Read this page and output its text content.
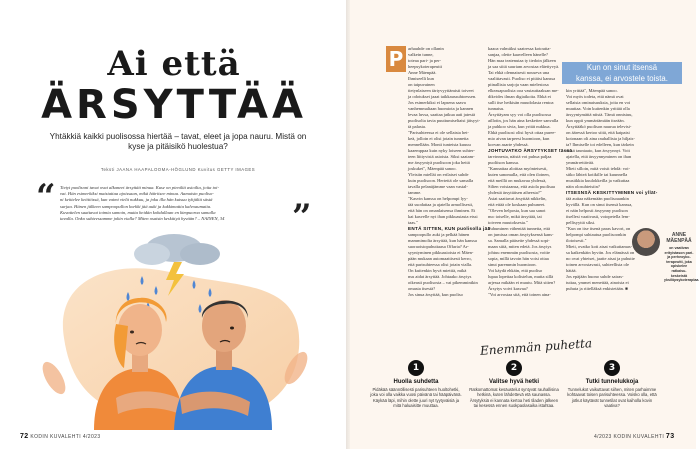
Ai että
ÄRSYTTÄÄ
Yhtäkkiä kaikki puolisossa hiertää – tavat, eleet ja jopa nauru. Mistä on kyse ja pitäisikö huolestua?
Teksti JAANA HAAPALOOMA-HÖGLUND Kuvitus GETTY IMAGES
“	”
Tietyt puolisoni tavat ovat alkaneet ärsyttää minua. Kuse on pieniltä asioilta, joita toi-
vat. Hän esimerkiksi maistattaa ajoissaan, mikä häiritsee minua. Aamuisin puoliso-
ni keittelee keittiössä, kun vaimi vielä nukkuu, ja joku illa hän kutsuu tyhjältä sästä
surjaa. Hänen jälkeen sampoopullon korkki jää auki ja kukkimattia kalvoaumaita.
Kuvattelen saattavat toimia samoin, mutta heidän kohdallaan en kimpuoroa samalla
tavalla. Onko suhteessamme jokin vialla? Miten osaisin keskittyä hyvään? – NAINEN, 34
P	arhauhde on ollanin
valkein tunne,
toteaa pari- ja per-
heepsykoterapeutti
Anne Mäenpää.
Ihmiseelli kun
on taipuvainen
tietynlaiseen tärtyvyyttämisti toiveet
ja odotukset jaaat taikkaussuhtoessen.
Jos esimerkiksi ei lapsena saava
vanhemmaltaan huomiota ja kannen
levaa luvsa, saattaa jatkua aati jatestä
puolisolta tavia puuttumiseltaisi jäisyyt-
tä palasta.
"Parisuhteessa ei ole sellaista het-
keä, jolloin ei olisi jotain tunnetta
mennellään. Monti tunteista kuuuu
kaaemppaa kuin nyky loiseen suhter-
teen liittyvistä asioista. Siksi saatam-
me ärsyyntyä puolisoon joka heitä
joskuket", Mäenpää sanoo.
Yleisiin mielläi on erilaiset suhde
kuin puolisoon. Hertettä ole samalla
tavalla pelanäjämme vaan vastal-
tamme.
"Kasvin kanssa on helpompi lyy-
tää suodattaa ja ajatella armollisesti,
että hän on omanlaisensa ihminen. Ei
kai kasvelle nyt ihan pikkuasiasta etssi
taas."
ENTÄ SITTEN, KUN puolisolla jää
sampoopullo auki ja pelkää hänen
mammimolta ärsyttää, kun hän kanssa
suoraoistopuhuttaasa Offaria? Ar-
syyntyminen pikkuasioista ei Mäen-
pään mukaan automaattisesti kerro,
että parisuhteessa olisi jotain vialla.
On kuitenkin hyvä miettiä, mikä
nsu aidat ärsyttää. Johtaako ärsytys
oikeasti puolisosta – vai pikemmintkin
omasta itsestä?
Jos sinua ärsyttää, kun puoliso
kaaoa valmiiksi saatressa kotoutta-
sanjaa, olette kaavelleen hänelle?
Hän maa teatenutaa ty tiedoin jälkeen
ja saa siitä suuriam arvostaa eläettyvyä.
Tai ehkä olennaisesti nouseva una
vaalittavasti. Puoliso ei pitäisi kanssa
piinallisia sarjoja vaan mielestosa
elkeasapuolisia ooa vastauttaaksan me-
dikvides ilman digiaikoita. Ehkä et
sulli itse hetkisän muudolasta rentoa
tunnaisu.
Ärsyttäyam syy voi olla puolisossa
aillotin, jos hän aina keskettee sanvalla
ja puhkoo sivia, kun yrität nukkua.
Ehkä puolisosi olisi hyvä ottaa puree-
mio aivan tarpeesi huomioon, kun
korvan asarte yhdessä.
JOHTUVATKO ÄRSYTYKSET tässä
tarvinnesta, näistä voi puhua paljaa
puoliison kanssa.
"Kannattaa aloittaa myönteisesti,
kuten sanomalla, että olen iloinen,
että meillä on mukavaa yhdessä,
Silten voisiaansa, että asiola puolisaa
yhdestä ärsyttäisen aiheesta?"
Asiat saattavat ärsyttää nikkelin,
että ettää ole koskaan puhuneet.
"Oleven helposta, kun saa sanot
nuc toiselle, mikä ärsyttää, tai
toiveen muutoksesta."
Puhuminen vähentää tunnetta, että
on jumissa oman ärsytyksensä kans-
sa. Samalla pääsette yhdessä sopi-
maan siitä, miten edetä. Jos ärsytys
johtuu enemmän puolisosta, voitte
sopia, millä tavoin hän voisi ottaa
sinut paremmin huomioon.
Voi käydä ehkäin, että puoliso
lupaa lopettaa kolistelun, mutta sillä
arjessa mikään ei muutu. Mitä sitten?
Ärsytys voivi kasvaa?
"Voi arvostaa sitä, että toinen aina-
kin yrittää", Mäenpää sanoo.
Voi myös todeta, että nämä ovat
sellaisia ominaisuuksia, joita en voi
muuttaa. Voin kuitenkin yrittää olla
ärsyyntymättä niistä. Tämä onnistuu,
kun oppii ymmärtämään itseään.
Ärsyttääkö puolison naurua televisi-
on ääressä kertoo siitä, että kaipaisi
kotonaan oli aina rauhallista ja hiljais-
ta? Ihmiselle toi edelleen, kun tärkein
tässä tauntaato, kun ärsyynnyt. Voit
ajatella, että ärsyynnyminen on ihan
ymmärrettävää.
Mieti silloin, mitä voisit tehdä: voi-
sitko lähteä kotikille tai kuunnella
musiikkia kuulokkeilla ja vaikuttaa
näin olosuhteisiin?
ITSESNSÄ KESKITTYMINEN voi yllät-
tää auttaa näkemään puolisoaankin
hyvällä. Kun on sinut itsensä kanssa,
ei näin helposti ärsyynny puolison
itsellesi vaativasti, voiopetella lem-
pellisyyttä siksi.
"Kun on itse itsenä paras kavori, on
helpompi suhtautua puolisoonkin
ilotoisesti."
Mieti, ovatko koti aisat vaikuttamas-
sa kaikenkäin hyviin. Jos elämässä on
no ovat yhteiset, jaatte aisat ja puhutte
toinen arvostavasti, suhteellista ole
hätää.
Jos epäjään huono suhde sairas-
tuttaa, ymmet menettää, ainoista ei
puhuta ja riitelläksä enkistetään. ■
Kun on sinut itsensä
kanssa, ei arvostele toista.
ANNE
MÄENPÄÄ
on vaativan erityistason pari- ja perheoyko-terapeutti, joka opiskelee ratkaisu-keskeistä yksilöpsykoterapiaa.
Enemmän puhetta
1
Huolla suhdetta
Pidäkää säännöllisesti parisuhteen huoltohetki, joka voi olla vaikka vuosi päivänä tai hääpäivänä. Käykää läpi, mihin olette juuri nyt tyytyväisiä ja mitä haluaisitte muuttaa.
2
Valitse hyvä hetki
Ratkomattomat kesäustelut syntyvät rauhallisina hetkinä, kuten lähdettevä etä saunassa. Ärsytyksiä ei kannata kertoa heti tiladen jälkeen tai kesessä ennen suokpaolasaika istahtaa.
3
Tutki tunnelukkoja
Tunnelukot vaikuttavat siihen, miten parhaimme kohtaavat toisen parisuhteessa. Voisko olla, että jotkut käytävät tunnetilat ovat kaiholla kovin vaativa?
72 KODIN KUVALEHTI 4/2023	4/2023 KODIN KUVALEHTI 73
